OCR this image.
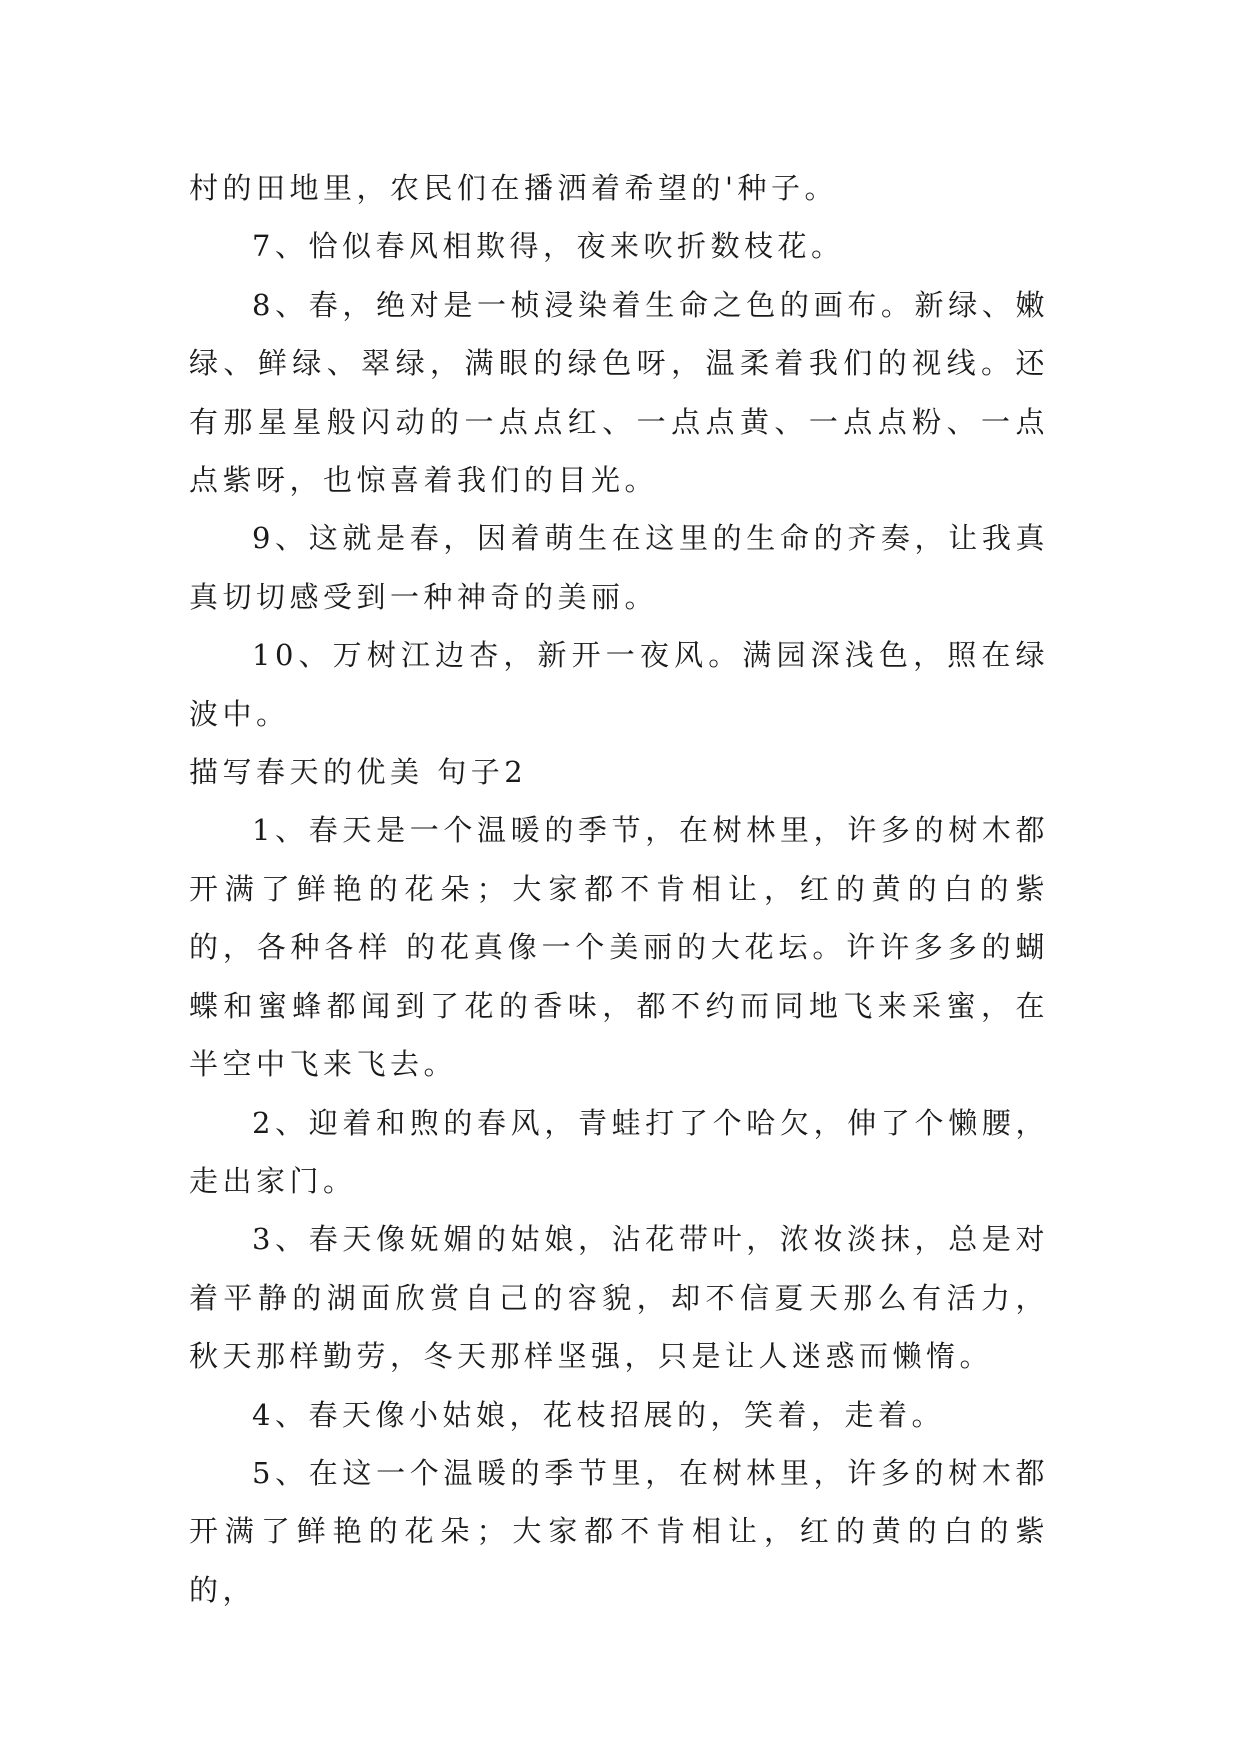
村的田地里，农民们在播洒着希望的'种子。

7、恰似春风相欺得，夜来吹折数枝花。

8、春，绝对是一桢浸染着生命之色的画布。新绿、嫩绿、鲜绿、翠绿，满眼的绿色呀，温柔着我们的视线。还有那星星般闪动的一点点红、一点点黄、一点点粉、一点点紫呀，也惊喜着我们的目光。

9、这就是春，因着萌生在这里的生命的齐奏，让我真真切切感受到一种神奇的美丽。

10、万树江边杏，新开一夜风。满园深浅色，照在绿波中。

描写春天的优美 句子2

1、春天是一个温暖的季节，在树林里，许多的树木都开满了鲜艳的花朵；大家都不肯相让，红的黄的白的紫的，各种各样 的花真像一个美丽的大花坛。许许多多的蝴蝶和蜜蜂都闻到了花的香味，都不约而同地飞来采蜜，在半空中飞来飞去。

2、迎着和煦的春风，青蛙打了个哈欠，伸了个懒腰，走出家门。

3、春天像妩媚的姑娘，沾花带叶，浓妆淡抹，总是对着平静的湖面欣赏自己的容貌，却不信夏天那么有活力，秋天那样勤劳，冬天那样坚强，只是让人迷惑而懒惰。

4、春天像小姑娘，花枝招展的，笑着，走着。

5、在这一个温暖的季节里，在树林里，许多的树木都开满了鲜艳的花朵；大家都不肯相让，红的黄的白的紫的，
